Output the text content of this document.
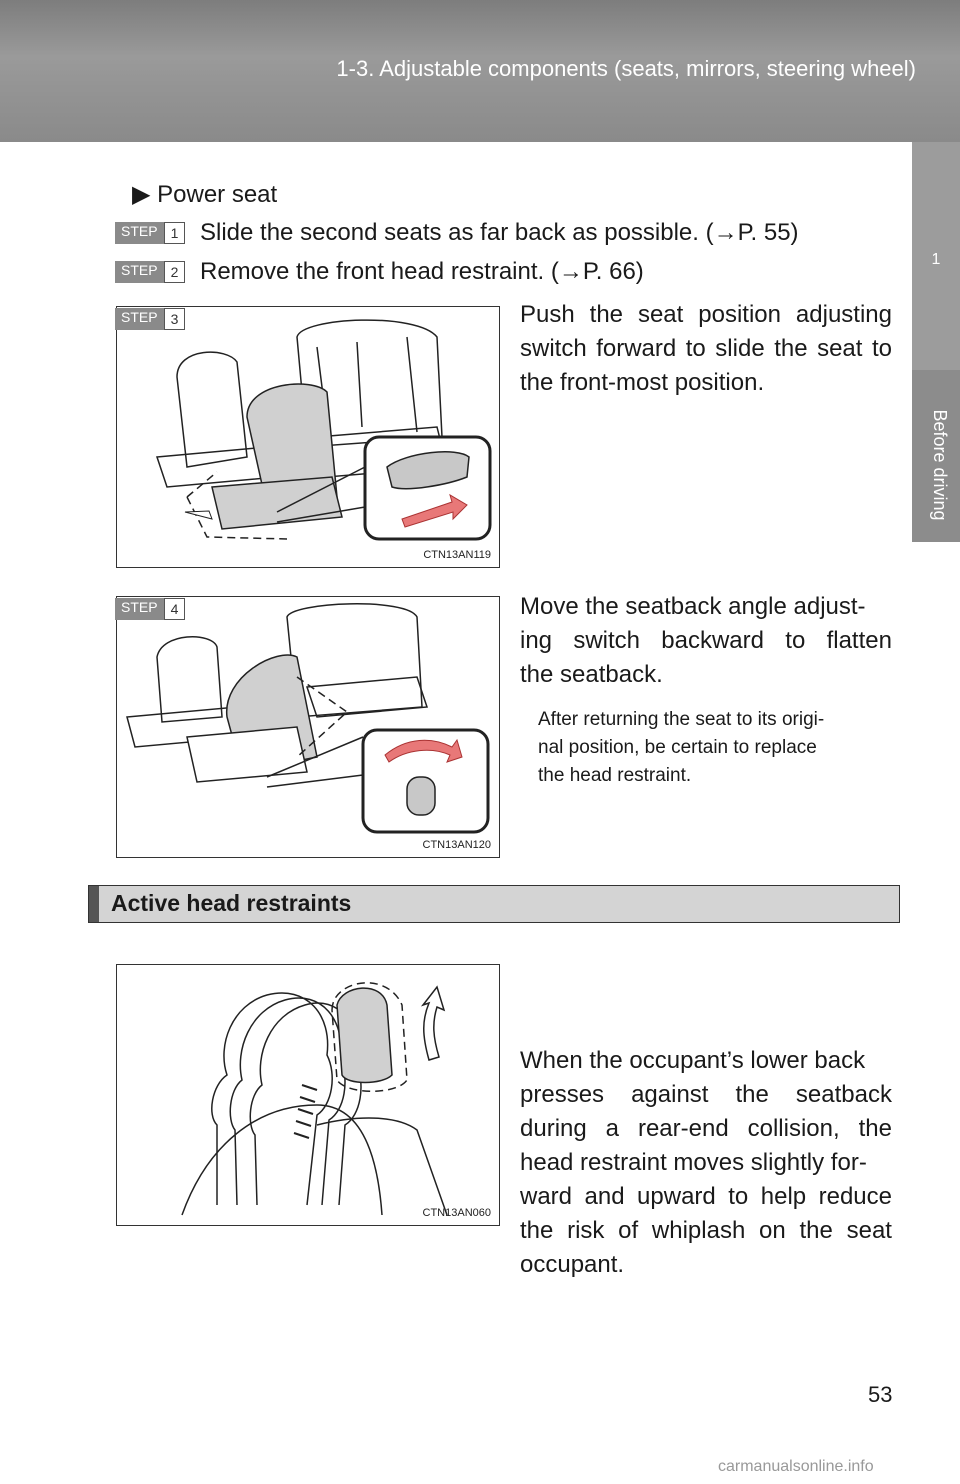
1-3. Adjustable components (seats, mirrors, steering wheel)
1
Before driving
▶ Power seat
STEP 1 Slide the second seats as far back as possible. (→P. 55)
STEP 2 Remove the front head restraint. (→P. 66)
CTN13AN119
STEP 3	Push the seat position adjusting switch forward to slide the seat to the front-most position.
CTN13AN120
STEP 4	Move the seatback angle adjust-
ing switch backward to flatten
the seatback.
After returning the seat to its origi-
nal position, be certain to replace
the head restraint.
Active head restraints
CTN13AN060
When the occupant’s lower back
presses against the seatback
during a rear-end collision, the
head restraint moves slightly for-
ward and upward to help reduce
the risk of whiplash on the seat
occupant.
53
carmanualsonline.info
